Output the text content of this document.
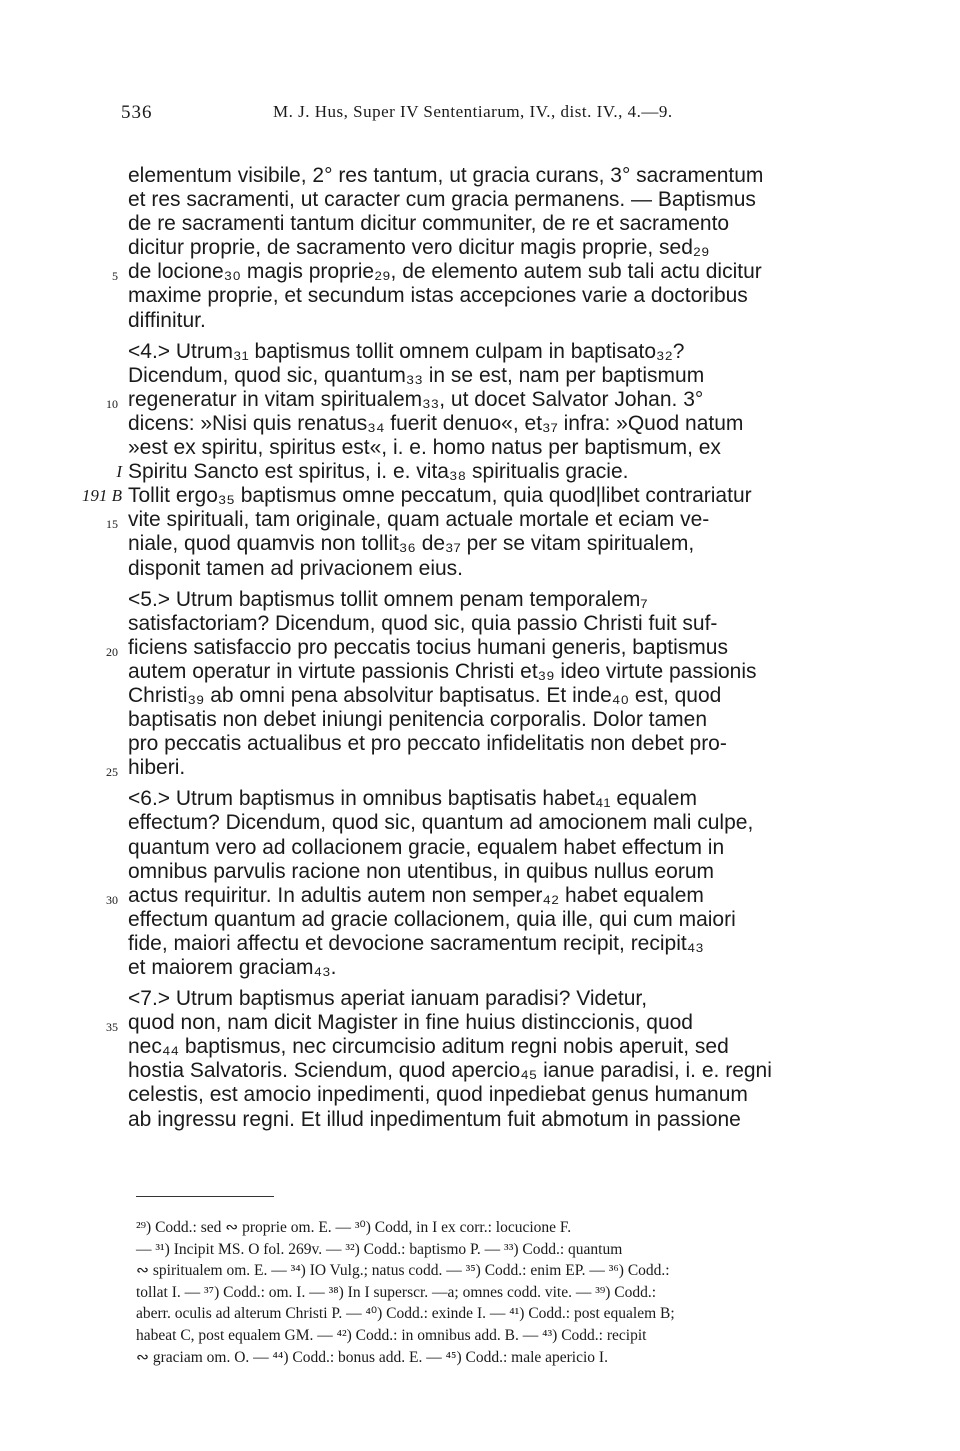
536	M. J. Hus, Super IV Sententiarum, IV., dist. IV., 4.—9.
elementum visibile, 2° res tantum, ut gracia curans, 3° sacramentum
et res sacramenti, ut caracter cum gracia permanens. — Baptismus
de re sacramenti tantum dicitur communiter, de re et sacramento
dicitur proprie, de sacramento vero dicitur magis proprie, sed₂₉
5 de locione₃₀ magis proprie₂₉, de elemento autem sub tali actu dicitur
maxime proprie, et secundum istas accepciones varie a doctoribus
diffinitur.
<4.> Utrum₃₁ baptismus tollit omnem culpam in baptisato₃₂?
Dicendum, quod sic, quantum₃₃ in se est, nam per baptismum
10 regeneratur in vitam spiritualem₃₃, ut docet Salvator Johan. 3°
dicens: »Nisi quis renatus₃₄ fuerit denuo«, et₃₇ infra: »Quod natum
»est ex spiritu, spiritus est«, i. e. homo natus per baptismum, ex
I Spiritu Sancto est spiritus, i. e. vita₃₈ spiritualis gracie.
191 B Tollit ergo₃₅ baptismus omne peccatum, quia quod|libet contrariatur
15 vite spirituali, tam originale, quam actuale mortale et eciam ve-
niale, quod quamvis non tollit₃₆ de₃₇ per se vitam spiritualem,
disponit tamen ad privacionem eius.
<5.> Utrum baptismus tollit omnem penam temporalem₇
satisfactoriam? Dicendum, quod sic, quia passio Christi fuit suf-
20 ficiens satisfaccio pro peccatis tocius humani generis, baptismus
autem operatur in virtute passionis Christi et₃₉ ideo virtute passionis
Christi₃₉ ab omni pena absolvitur baptisatus. Et inde₄₀ est, quod
baptisatis non debet iniungi penitencia corporalis. Dolor tamen
pro peccatis actualibus et pro peccato infidelitatis non debet pro-
25 hiberi.
<6.> Utrum baptismus in omnibus baptisatis habet₄₁ equalem
effectum? Dicendum, quod sic, quantum ad amocionem mali culpe,
quantum vero ad collacionem gracie, equalem habet effectum in
omnibus parvulis racione non utentibus, in quibus nullus eorum
30 actus requiritur. In adultis autem non semper₄₂ habet equalem
effectum quantum ad gracie collacionem, quia ille, qui cum maiori
fide, maiori affectu et devocione sacramentum recipit, recipit₄₃
et maiorem graciam₄₃.
<7.> Utrum baptismus aperiat ianuam paradisi? Videtur,
35 quod non, nam dicit Magister in fine huius distinccionis, quod
nec₄₄ baptismus, nec circumcisio aditum regni nobis aperuit, sed
hostia Salvatoris. Sciendum, quod apercio₄₅ ianue paradisi, i. e. regni
celestis, est amocio inpedimenti, quod inpediebat genus humanum
ab ingressu regni. Et illud inpedimentum fuit abmotum in passione
²⁹) Codd.: sed ∾ proprie om. E. — ³⁰) Codd, in I ex corr.: locucione F.
— ³¹) Incipit MS. O fol. 269v. — ³²) Codd.: baptismo P. — ³³) Codd.: quantum
∾ spiritualem om. E. — ³⁴) IO Vulg.; natus codd. — ³⁵) Codd.: enim EP. — ³⁶) Codd.:
tollat I. — ³⁷) Codd.: om. I. — ³⁸) In I superscr. —a; omnes codd. vite. — ³⁹) Codd.:
aberr. oculis ad alterum Christi P. — ⁴⁰) Codd.: exinde I. — ⁴¹) Codd.: post equalem B;
habeat C, post equalem GM. — ⁴²) Codd.: in omnibus add. B. — ⁴³) Codd.: recipit
∾ graciam om. O. — ⁴⁴) Codd.: bonus add. E. — ⁴⁵) Codd.: male apericio I.
